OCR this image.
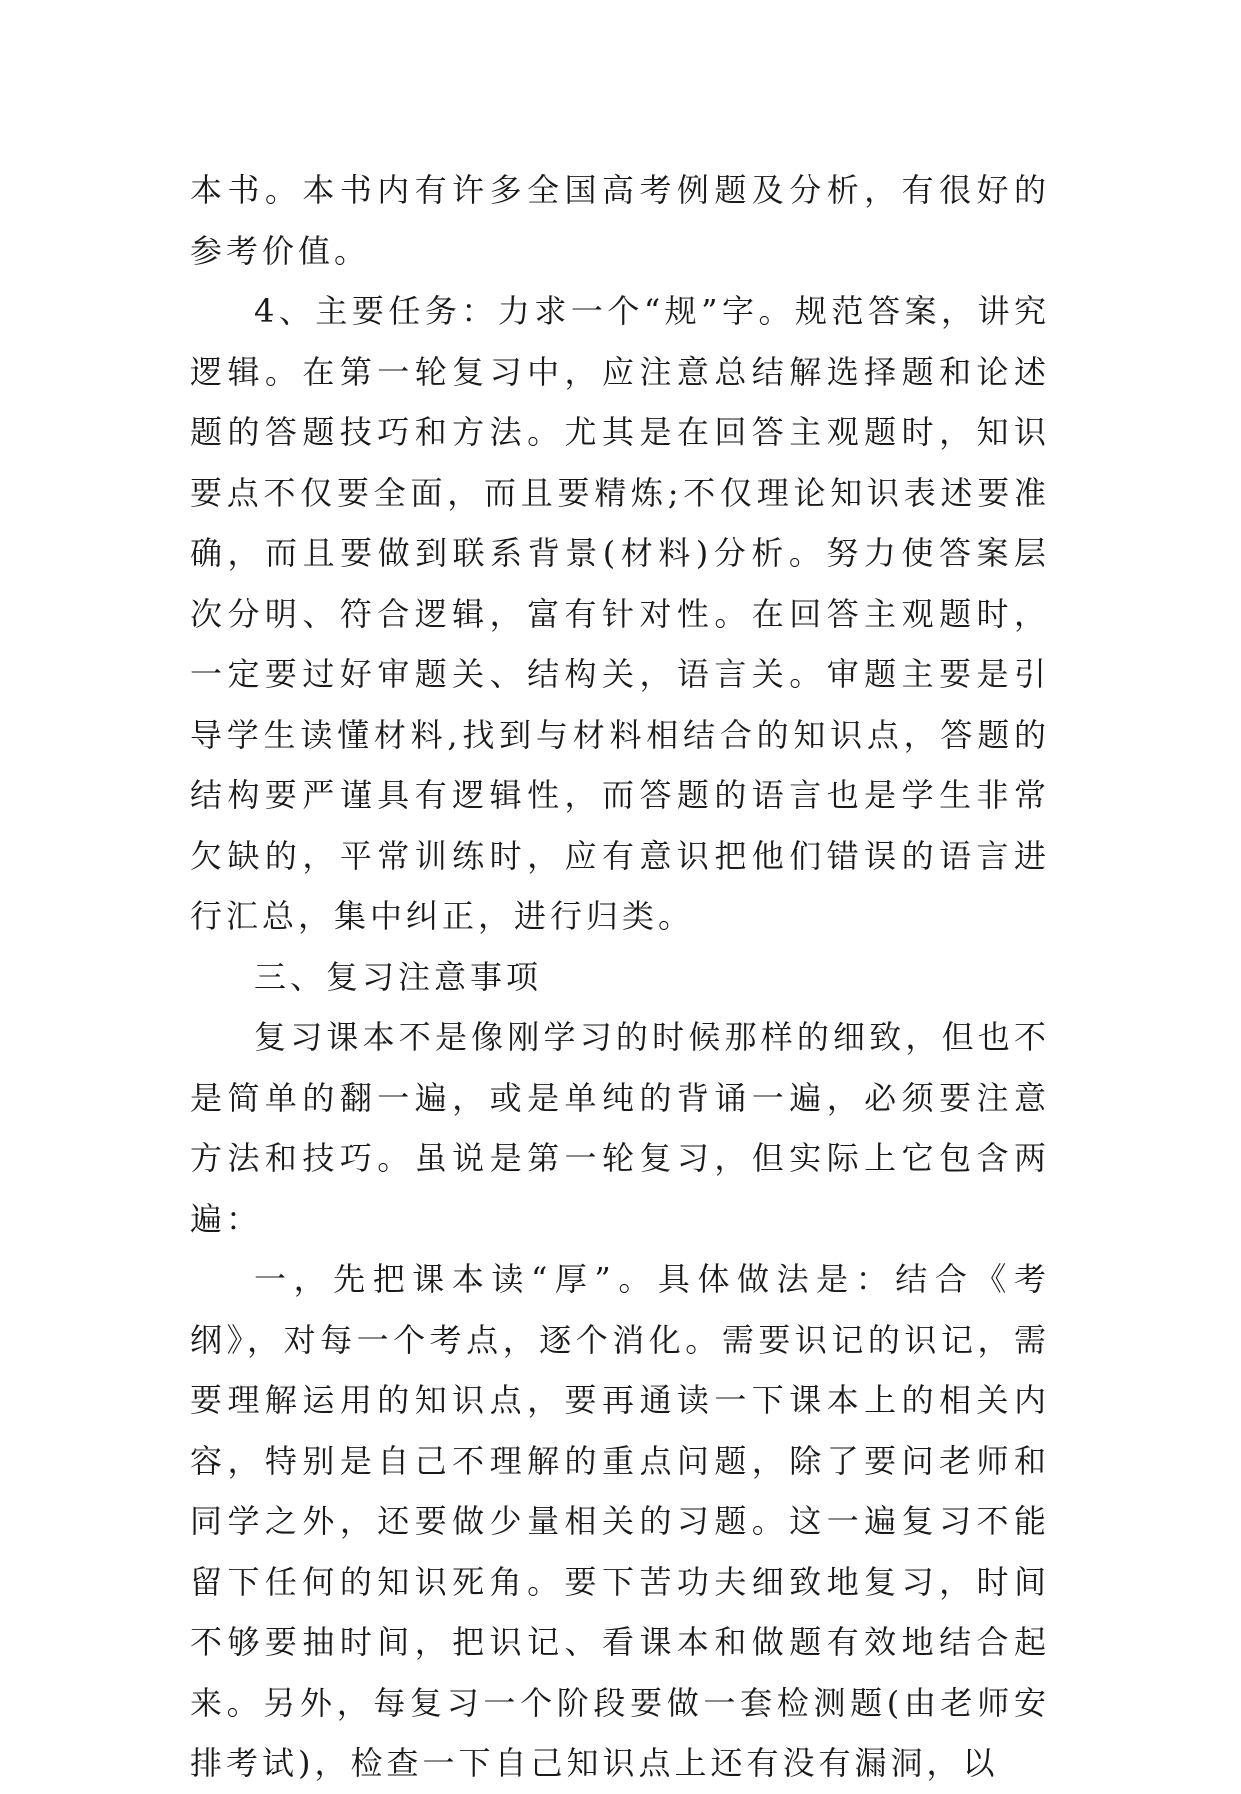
本书。本书内有许多全国高考例题及分析，有很好的参考价值。

4、主要任务：力求一个“规”字。规范答案，讲究逻辑。在第一轮复习中，应注意总结解选择题和论述题的答题技巧和方法。尤其是在回答主观题时，知识要点不仅要全面，而且要精炼;不仅理论知识表述要准确，而且要做到联系背景(材料)分析。努力使答案层次分明、符合逻辑，富有针对性。在回答主观题时，一定要过好审题关、结构关，语言关。审题主要是引导学生读懂材料,找到与材料相结合的知识点，答题的结构要严谨具有逻辑性，而答题的语言也是学生非常欠缺的，平常训练时，应有意识把他们错误的语言进行汇总，集中纠正，进行归类。

三、复习注意事项

复习课本不是像刚学习的时候那样的细致，但也不是简单的翻一遍，或是单纯的背诵一遍，必须要注意方法和技巧。虽说是第一轮复习，但实际上它包含两遍：

一，先把课本读“厚”。具体做法是：结合《考纲》，对每一个考点，逐个消化。需要识记的识记，需要理解运用的知识点，要再通读一下课本上的相关内容，特别是自己不理解的重点问题，除了要问老师和同学之外，还要做少量相关的习题。这一遍复习不能留下任何的知识死角。要下苦功夫细致地复习，时间不够要抽时间，把识记、看课本和做题有效地结合起来。另外，每复习一个阶段要做一套检测题(由老师安排考试)，检查一下自己知识点上还有没有漏洞，以
